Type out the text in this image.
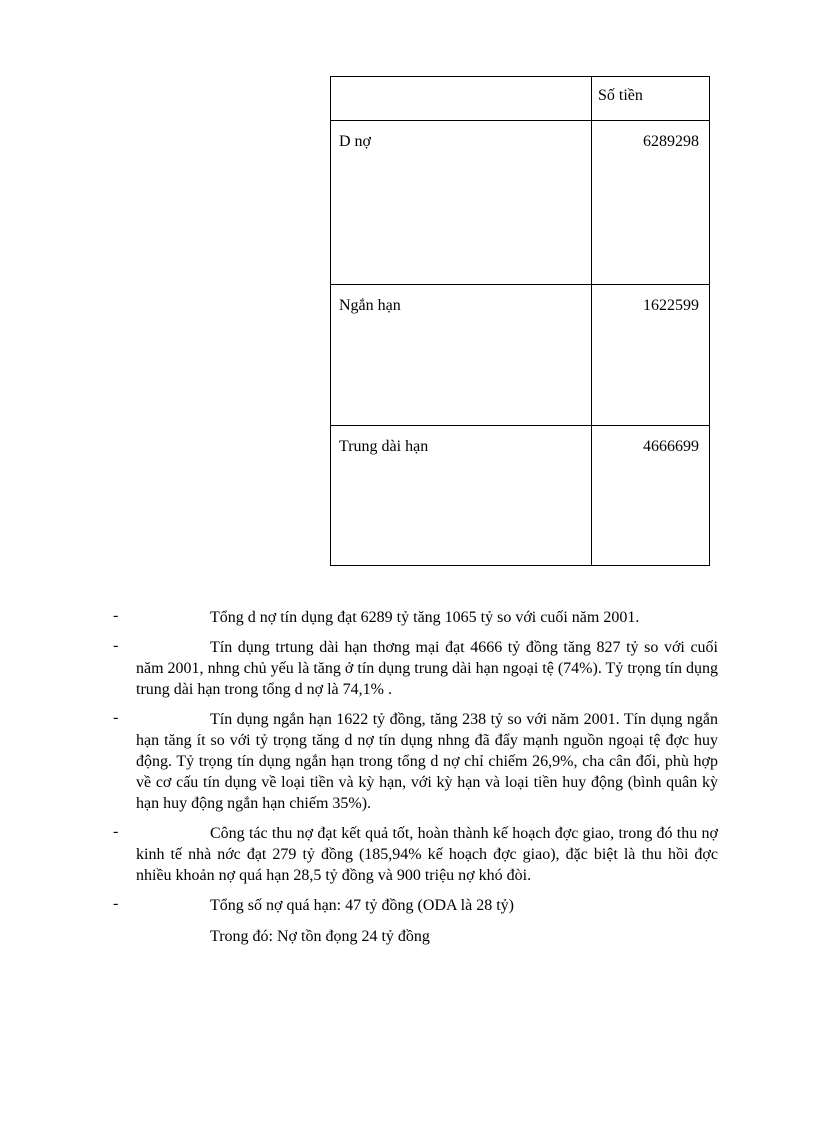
	Số tiền
D nợ	6289298
Ngắn hạn	1622599
Trung dài hạn	4666699
-	Tổng d nợ tín dụng đạt 6289 tỷ tăng 1065 tỷ so với cuối năm 2001.
-	Tín dụng trtung dài hạn thơng mại đạt 4666 tỷ đồng tăng 827 tỷ so với cuối năm 2001, nhng chủ yếu là tăng ở tín dụng trung dài hạn ngoại tệ (74%). Tỷ trọng tín dụng trung dài hạn trong tổng d nợ là 74,1% .
-	Tín dụng ngắn hạn 1622 tỷ đồng, tăng 238 tỷ so với năm 2001. Tín dụng ngắn hạn tăng ít so với tỷ trọng tăng d nợ tín dụng nhng đã đẩy mạnh nguồn ngoại tệ đợc huy động. Tỷ trọng tín dụng ngắn hạn trong tổng d nợ chỉ chiếm 26,9%, cha cân đối, phù hợp về cơ cấu tín dụng về loại tiền và kỳ hạn, với kỳ hạn và loại tiền huy động (bình quân kỳ hạn huy động ngắn hạn chiếm 35%).
-	Công tác thu nợ đạt kết quả tốt, hoàn thành kế hoạch đợc giao, trong đó thu nợ kinh tế nhà nớc đạt 279 tỷ đồng (185,94% kế hoạch đợc giao), đặc biệt là thu hồi đợc nhiều khoản nợ quá hạn 28,5 tỷ đồng và 900 triệu nợ khó đòi.
-	Tổng số nợ quá hạn: 47 tỷ đồng (ODA là 28 tỷ)
Trong đó: Nợ tồn đọng 24 tỷ đồng
